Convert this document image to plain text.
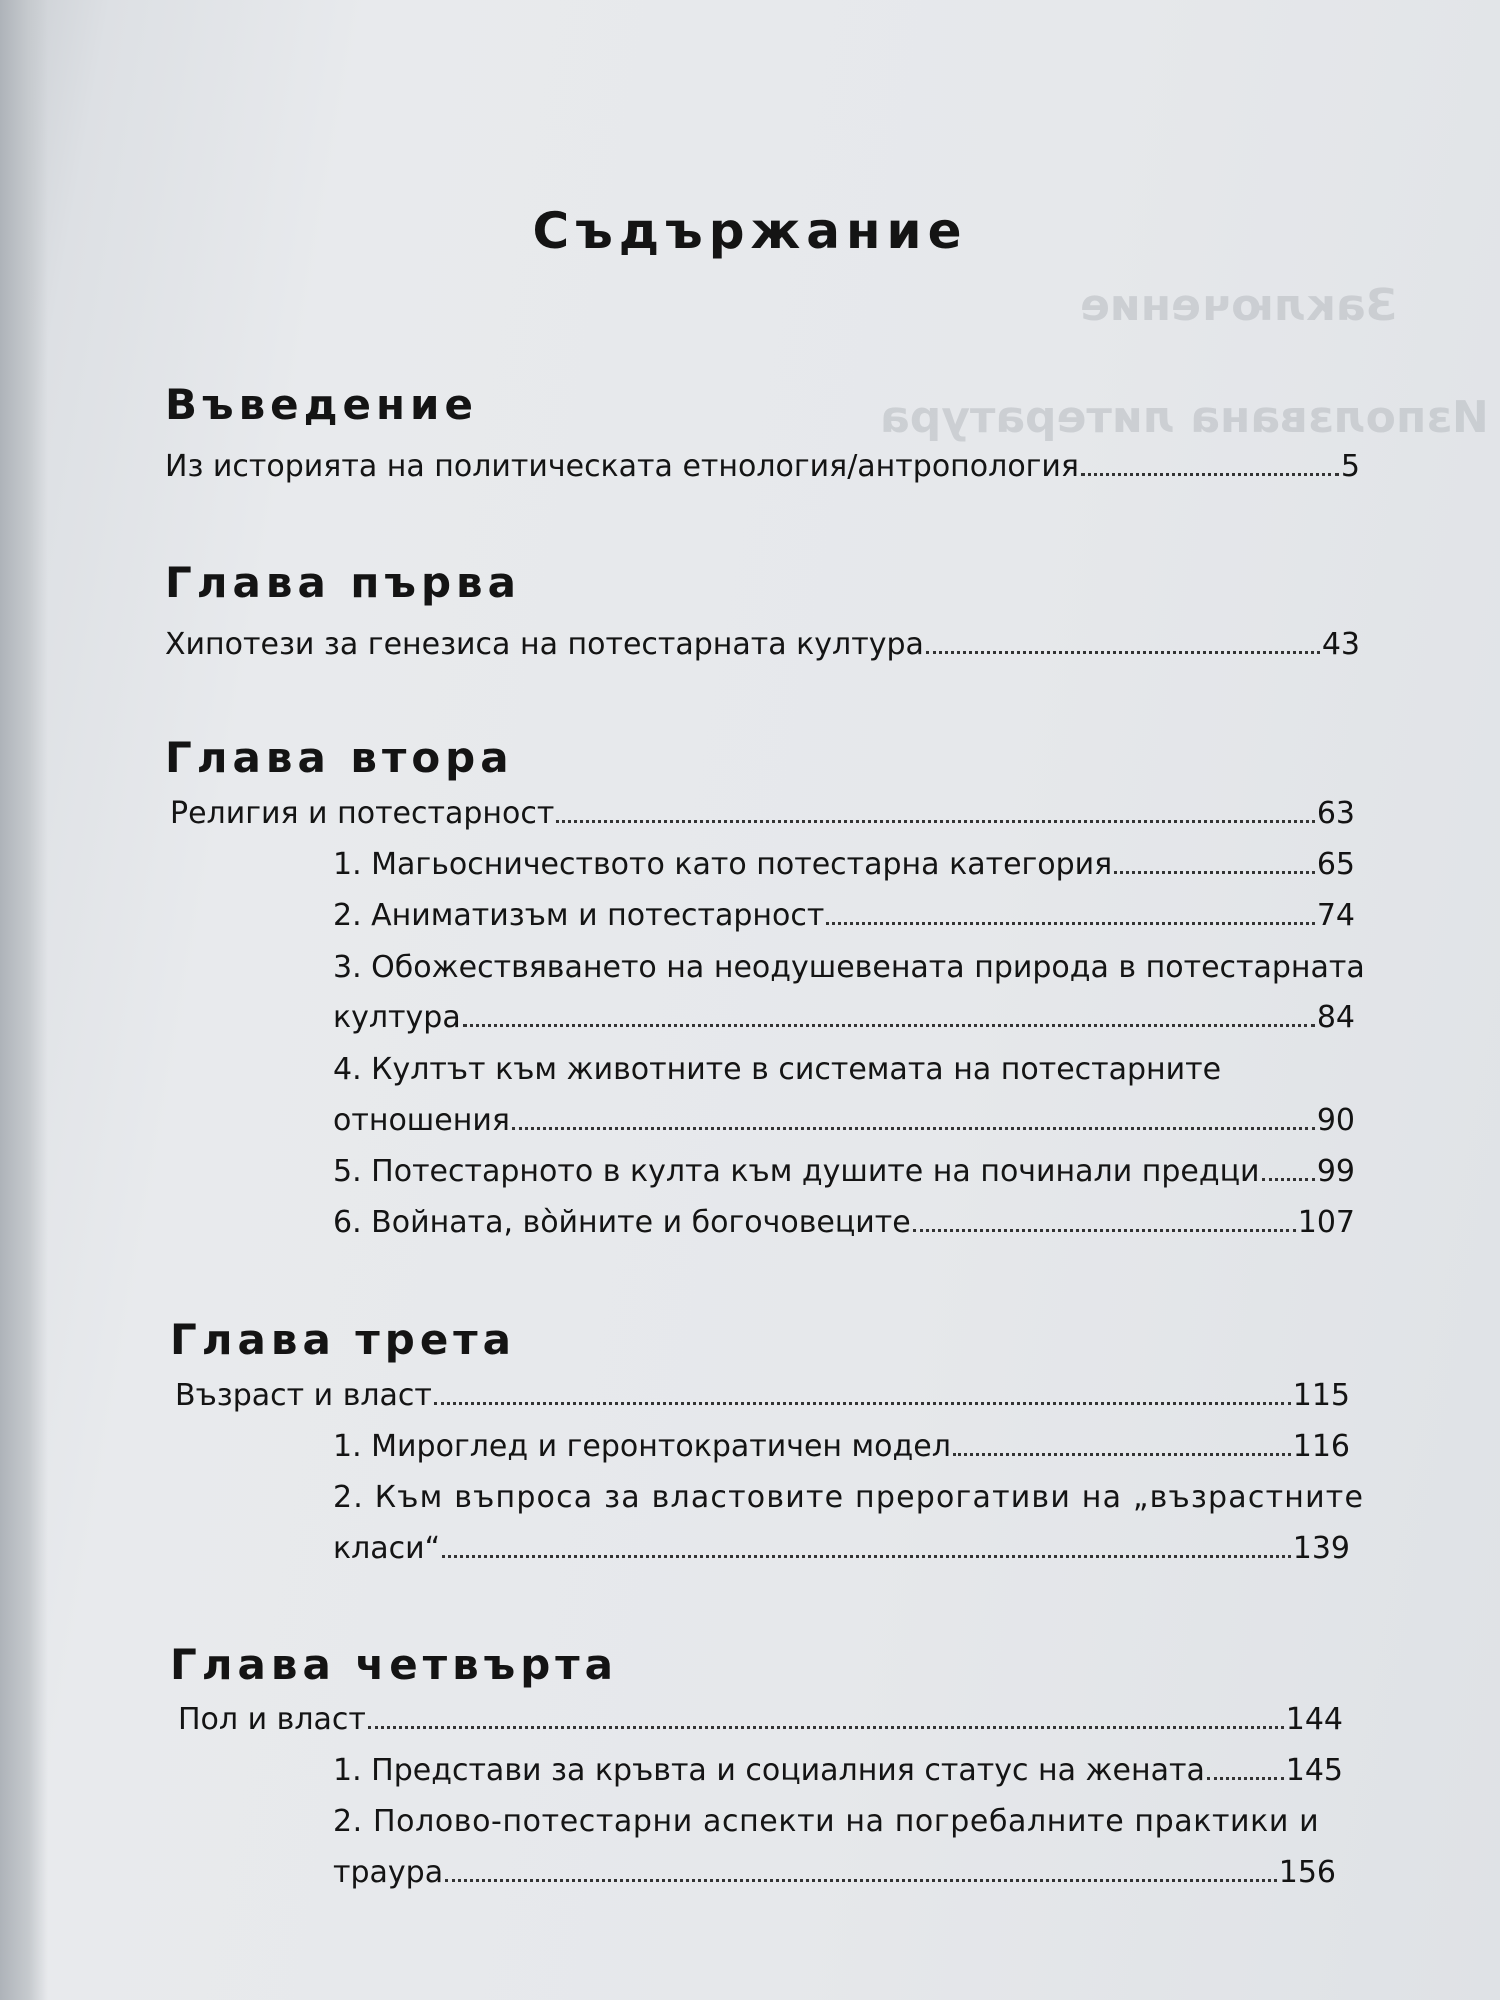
Заключение
Използвана литература
Съдържание
Въведение
Из историята на политическата етнология/антропология	5
Глава първа
Хипотези за генезиса на потестарната култура	43
Глава втора
Религия и потестарност	63
1. Магьосничеството като потестарна категория	65
2. Аниматизъм и потестарност	74
3. Обожествяването на неодушевената природа в потестарната
култура	84
4. Култът към животните в системата на потестарните
отношения	90
5. Потестарното в култа към душите на починали предци 99
6. Войната, вòйните и богочовеците	107
Глава трета
Възраст и власт	115
1. Мироглед и геронтократичен модел	116
2. Към въпроса за властовите прерогативи на „възрастните
класи“	139
Глава четвърта
Пол и власт	144
1. Представи за кръвта и социалния статус на жената	145
2. Полово-потестарни аспекти на погребалните практики и
траура	156
